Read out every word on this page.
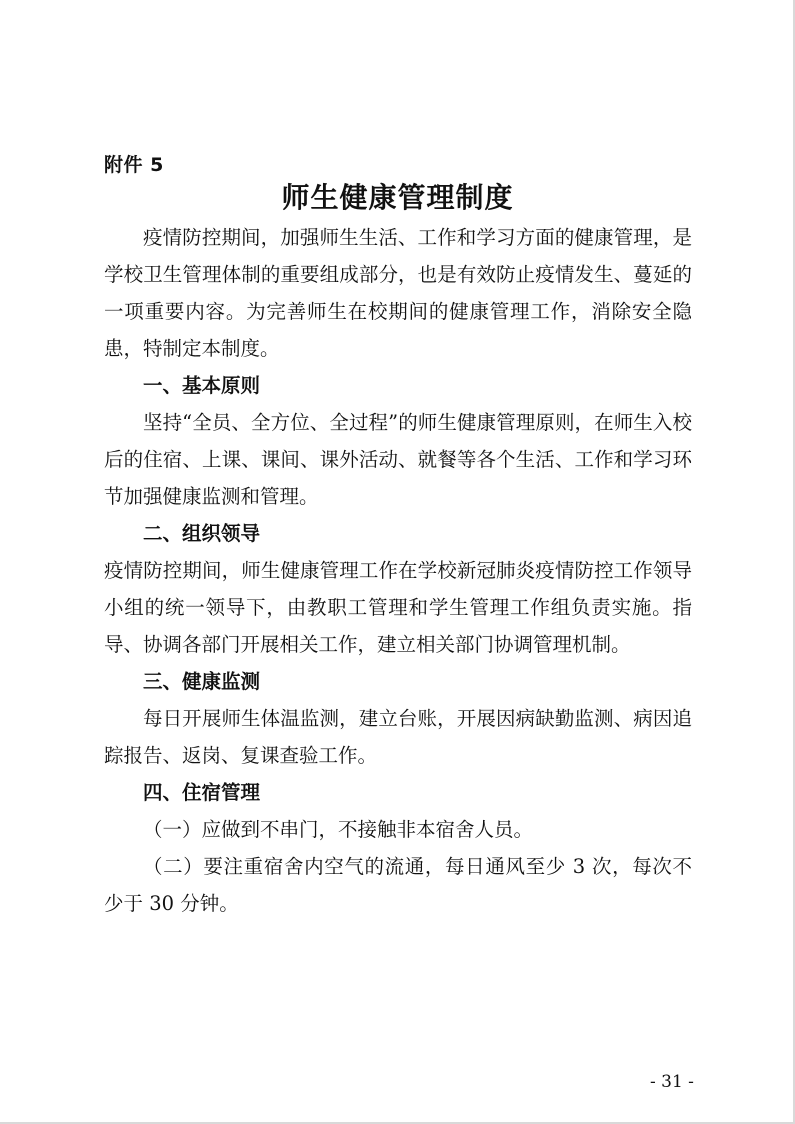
附件 5
师生健康管理制度

疫情防控期间，加强师生生活、工作和学习方面的健康管理，是学校卫生管理体制的重要组成部分，也是有效防止疫情发生、蔓延的一项重要内容。为完善师生在校期间的健康管理工作，消除安全隐患，特制定本制度。

一、基本原则

坚持“全员、全方位、全过程”的师生健康管理原则，在师生入校后的住宿、上课、课间、课外活动、就餐等各个生活、工作和学习环节加强健康监测和管理。

二、组织领导

疫情防控期间，师生健康管理工作在学校新冠肺炎疫情防控工作领导小组的统一领导下，由教职工管理和学生管理工作组负责实施。指导、协调各部门开展相关工作，建立相关部门协调管理机制。

三、健康监测

每日开展师生体温监测，建立台账，开展因病缺勤监测、病因追踪报告、返岗、复课查验工作。

四、住宿管理

（一）应做到不串门，不接触非本宿舍人员。

（二）要注重宿舍内空气的流通，每日通风至少 3 次，每次不少于 30 分钟。

- 31 -
